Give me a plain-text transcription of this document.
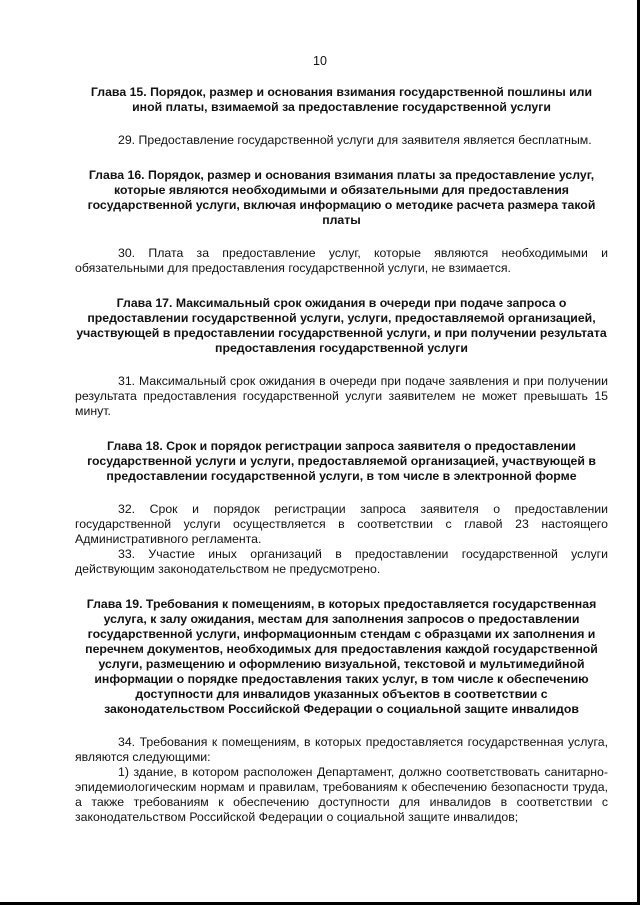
10

Глава 15. Порядок, размер и основания взимания государственной пошлины или иной платы, взимаемой за предоставление государственной услуги

29. Предоставление государственной услуги для заявителя является бесплатным.

Глава 16. Порядок, размер и основания взимания платы за предоставление услуг, которые являются необходимыми и обязательными для предоставления государственной услуги, включая информацию о методике расчета размера такой платы

30. Плата за предоставление услуг, которые являются необходимыми и обязательными для предоставления государственной услуги, не взимается.

Глава 17. Максимальный срок ожидания в очереди при подаче запроса о предоставлении государственной услуги, услуги, предоставляемой организацией, участвующей в предоставлении государственной услуги, и при получении результата предоставления государственной услуги

31. Максимальный срок ожидания в очереди при подаче заявления и при получении результата предоставления государственной услуги заявителем не может превышать 15 минут.

Глава 18. Срок и порядок регистрации запроса заявителя о предоставлении государственной услуги и услуги, предоставляемой организацией, участвующей в предоставлении государственной услуги, в том числе в электронной форме

32. Срок и порядок регистрации запроса заявителя о предоставлении государственной услуги осуществляется в соответствии с главой 23 настоящего Административного регламента.

33. Участие иных организаций в предоставлении государственной услуги действующим законодательством не предусмотрено.

Глава 19. Требования к помещениям, в которых предоставляется государственная услуга, к залу ожидания, местам для заполнения запросов о предоставлении государственной услуги, информационным стендам с образцами их заполнения и перечнем документов, необходимых для предоставления каждой государственной услуги, размещению и оформлению визуальной, текстовой и мультимедийной информации о порядке предоставления таких услуг, в том числе к обеспечению доступности для инвалидов указанных объектов в соответствии с законодательством Российской Федерации о социальной защите инвалидов

34. Требования к помещениям, в которых предоставляется государственная услуга, являются следующими:

1) здание, в котором расположен Департамент, должно соответствовать санитарно-эпидемиологическим нормам и правилам, требованиям к обеспечению безопасности труда, а также требованиям к обеспечению доступности для инвалидов в соответствии с законодательством Российской Федерации о социальной защите инвалидов;
